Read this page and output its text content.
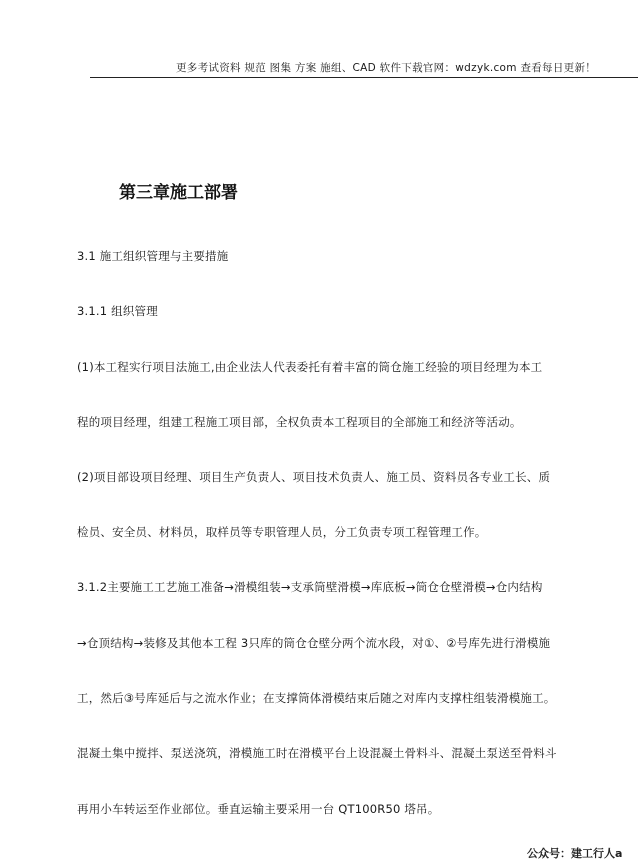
更多考试资料 规范 图集 方案 施组、CAD 软件下载官网：wdzyk.com 查看每日更新！
第三章施工部署
3.1 施工组织管理与主要措施
3.1.1 组织管理
(1)本工程实行项目法施工,由企业法人代表委托有着丰富的筒仓施工经验的项目经理为本工
程的项目经理，组建工程施工项目部，全权负责本工程项目的全部施工和经济等活动。
(2)项目部设项目经理、项目生产负责人、项目技术负责人、施工员、资料员各专业工长、质
检员、安全员、材料员，取样员等专职管理人员，分工负责专项工程管理工作。
3.1.2主要施工工艺施工准备→滑模组装→支承筒壁滑模→库底板→筒仓仓壁滑模→仓内结构
→仓顶结构→装修及其他本工程 3只库的筒仓仓壁分两个流水段，对①、②号库先进行滑模施
工，然后③号库延后与之流水作业；在支撑筒体滑模结束后随之对库内支撑柱组装滑模施工。
混凝土集中搅拌、泵送浇筑，滑模施工时在滑模平台上设混凝土骨料斗、混凝土泵送至骨料斗
再用小车转运至作业部位。垂直运输主要采用一台 QT100R50 塔吊。
公众号：建工行人a
